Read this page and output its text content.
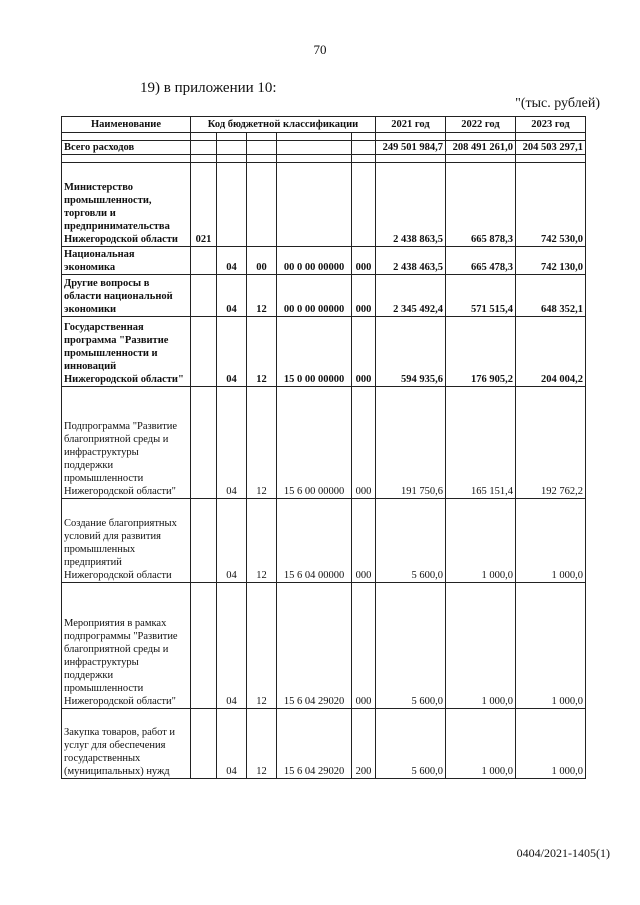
70
19) в приложении 10:
"(тыс. рублей)
Наименование	Код бюджетной классификации					2021 год	2022 год	2023 год

Всего расходов						249 501 984,7	208 491 261,0	204 503 297,1

Министерство промышленности, торговли и предпринимательства Нижегородской области	021					2 438 863,5	665 878,3	742 530,0
Национальная экономика		04	00	00 0 00 00000	000	2 438 463,5	665 478,3	742 130,0
Другие вопросы в области национальной экономики		04	12	00 0 00 00000	000	2 345 492,4	571 515,4	648 352,1
Государственная программа "Развитие промышленности и инноваций Нижегородской области"		04	12	15 0 00 00000	000	594 935,6	176 905,2	204 004,2
Подпрограмма "Развитие благоприятной среды и инфраструктуры поддержки промышленности Нижегородской области"		04	12	15 6 00 00000	000	191 750,6	165 151,4	192 762,2
Создание благоприятных условий для развития промышленных предприятий Нижегородской области		04	12	15 6 04 00000	000	5 600,0	1 000,0	1 000,0
Мероприятия в рамках подпрограммы "Развитие благоприятной среды и инфраструктуры поддержки промышленности Нижегородской области"		04	12	15 6 04 29020	000	5 600,0	1 000,0	1 000,0
Закупка товаров, работ и услуг для обеспечения государственных (муниципальных) нужд		04	12	15 6 04 29020	200	5 600,0	1 000,0	1 000,0
0404/2021-1405(1)
